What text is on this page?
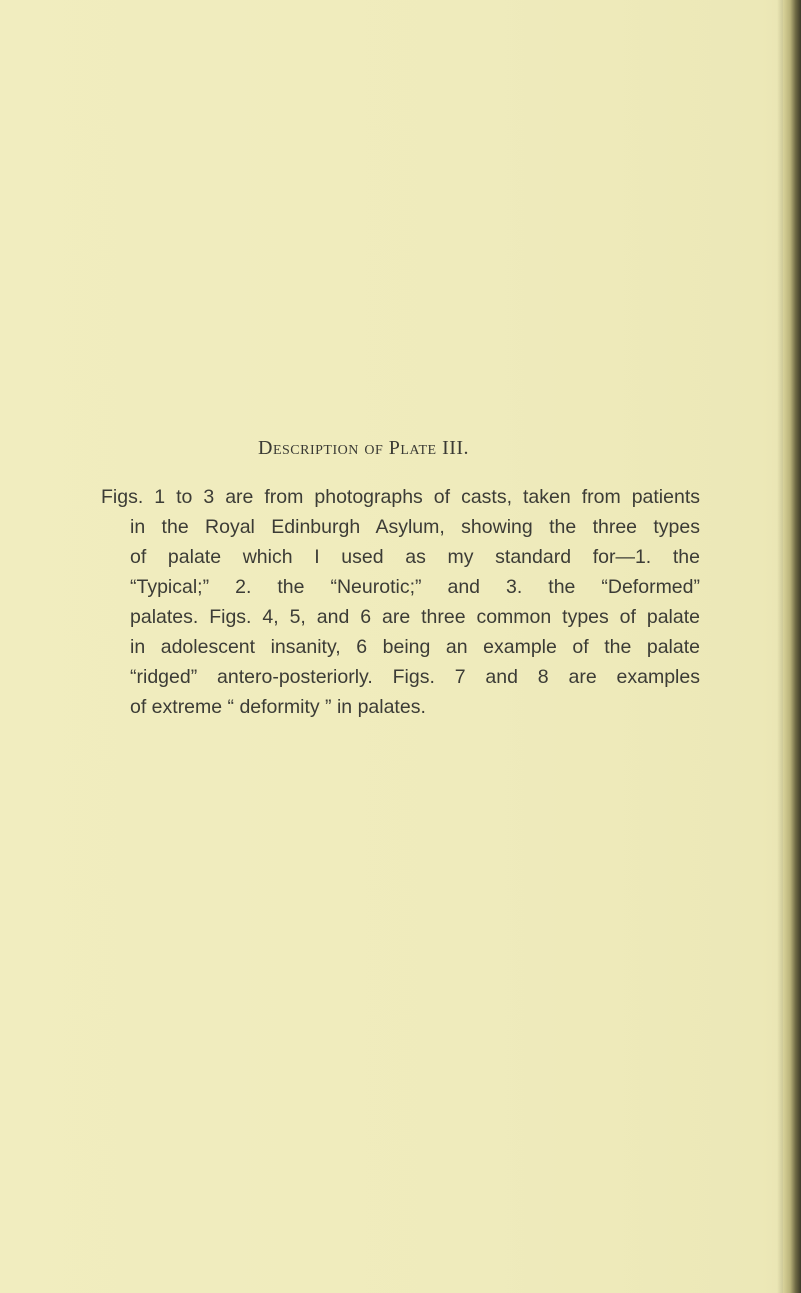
Description of Plate III.
Figs. 1 to 3 are from photographs of casts, taken from patients
in the Royal Edinburgh Asylum, showing the three types
of palate which I used as my standard for—1. the
“Typical;” 2. the “Neurotic;” and 3. the “Deformed”
palates. Figs. 4, 5, and 6 are three common types of palate
in adolescent insanity, 6 being an example of the palate
“ridged” antero-posteriorly. Figs. 7 and 8 are examples
of extreme “ deformity ” in palates.
